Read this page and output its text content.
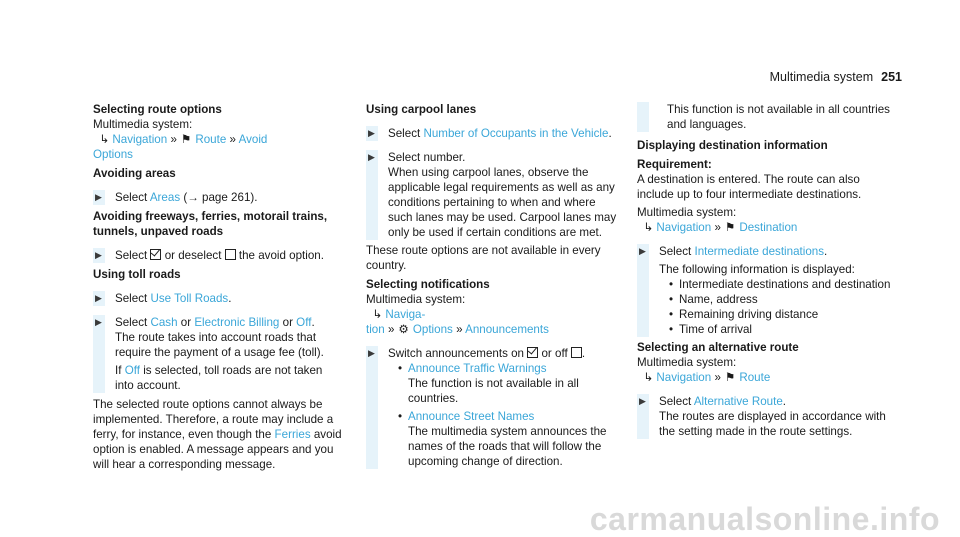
Multimedia system 251
Selecting route options
Multimedia system:
↳ Navigation » ⚑ Route » Avoid
Options
Avoiding areas
▶ Select Areas (→ page 261).
Avoiding freeways, ferries, motorail trains, tunnels, unpaved roads
▶ Select or deselect the avoid option.
Using toll roads
▶ Select Use Toll Roads.
▶ Select Cash or Electronic Billing or Off.
The route takes into account roads that require the payment of a usage fee (toll).
If Off is selected, toll roads are not taken into account.
The selected route options cannot always be implemented. Therefore, a route may include a ferry, for instance, even though the Ferries avoid option is enabled. A message appears and you will hear a corresponding message.
Using carpool lanes
▶ Select Number of Occupants in the Vehicle.
▶ Select number.
When using carpool lanes, observe the applicable legal requirements as well as any conditions pertaining to when and where such lanes may be used. Carpool lanes may only be used if certain conditions are met.
These route options are not available in every country.
Selecting notifications
Multimedia system:
↳ Naviga-
tion » ⚙ Options » Announcements
▶ Switch announcements on or off .
• Announce Traffic Warnings
The function is not available in all countries.
• Announce Street Names
The multimedia system announces the names of the roads that will follow the upcoming change of direction.
This function is not available in all countries and languages.
Displaying destination information
Requirement:
A destination is entered. The route can also include up to four intermediate destinations.
Multimedia system:
↳ Navigation » ⚑ Destination
▶ Select Intermediate destinations.
The following information is displayed:
• Intermediate destinations and destination
• Name, address
• Remaining driving distance
• Time of arrival
Selecting an alternative route
Multimedia system:
↳ Navigation » ⚑ Route
▶ Select Alternative Route.
The routes are displayed in accordance with the setting made in the route settings.
carmanualsonline.info
